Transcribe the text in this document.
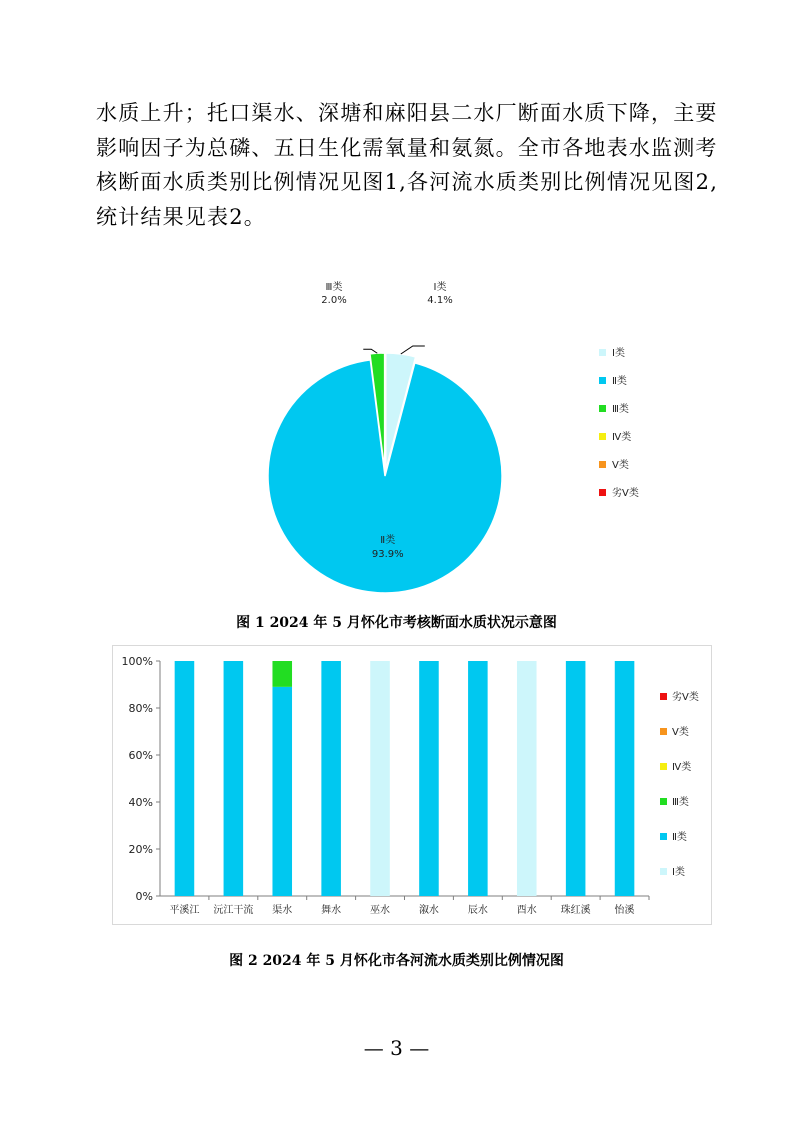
水质上升；托口渠水、深塘和麻阳县二水厂断面水质下降，主要
影响因子为总磷、五日生化需氧量和氨氮。全市各地表水监测考
核断面水质类别比例情况见图1,各河流水质类别比例情况见图2,
统计结果见表2。
Ⅱ类
93.9%
Ⅰ类
4.1%
Ⅲ类
2.0%
Ⅰ类
Ⅱ类
Ⅲ类
Ⅳ类
Ⅴ类
劣Ⅴ类
图 1 2024 年 5 月怀化市考核断面水质状况示意图
0%
20%
40%
60%
80%
100%
平溪江 沅江干流 渠水	舞水	巫水	溆水	辰水	酉水 珠红溪 怡溪
劣Ⅴ类
Ⅴ类
Ⅳ类
Ⅲ类
Ⅱ类
Ⅰ类
图 2 2024 年 5 月怀化市各河流水质类别比例情况图
— 3 —
